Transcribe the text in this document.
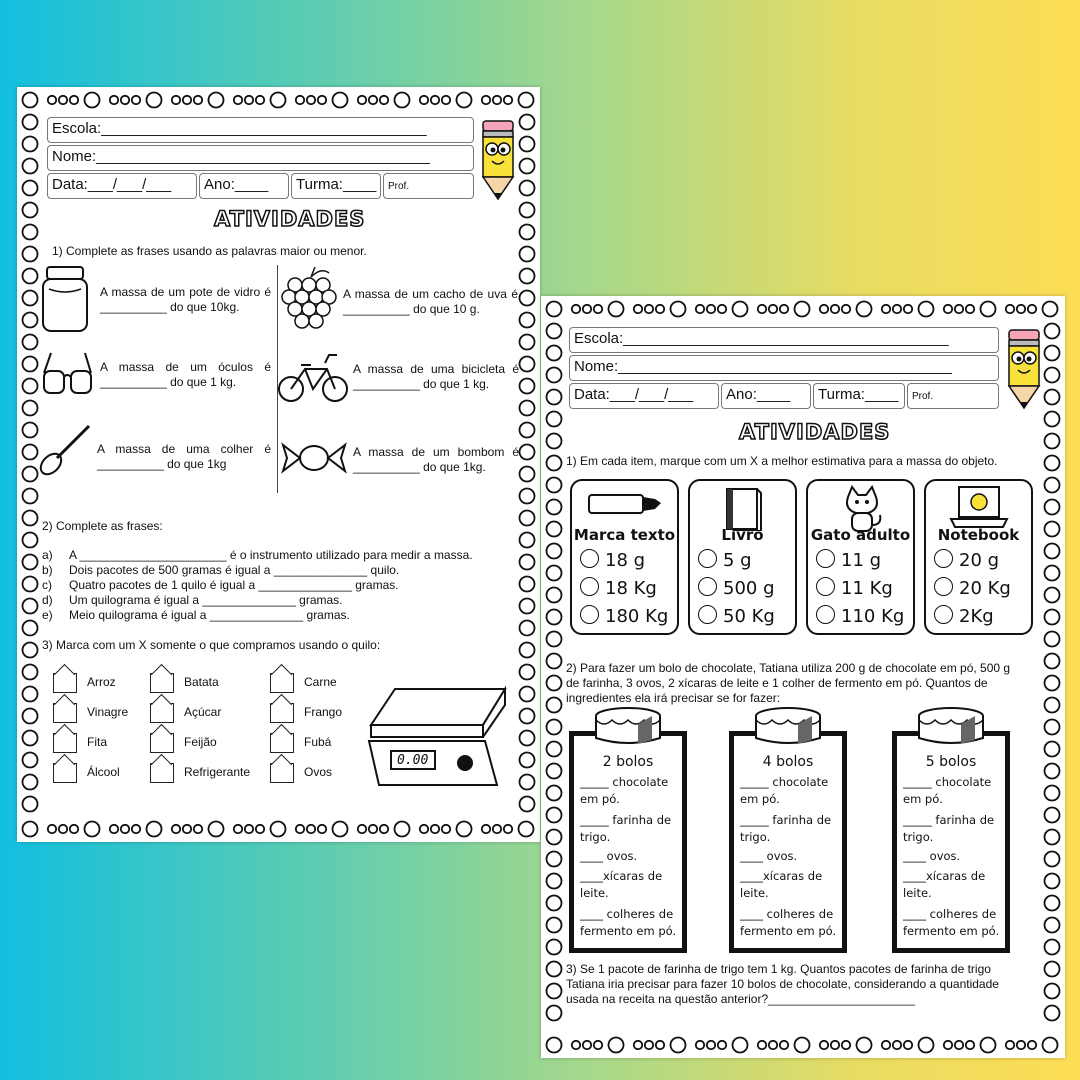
Escola:_______________________________________
Nome:________________________________________
Data:___/___/___	Ano:____	Turma:____	Prof.
ATIVIDADES
1) Complete as frases usando as palavras maior ou menor.
A massa de um pote de vidro é __________ do que 10kg.
A massa de um cacho de uva é __________ do que 10 g.
A massa de um óculos é __________ do que 1 kg.
A massa de uma bicicleta é __________ do que 1 kg.
A massa de uma colher é __________ do que 1kg
A massa de um bombom é __________ do que 1kg.
2) Complete as frases:
a) A ______________________ é o instrumento utilizado para medir a massa.
b) Dois pacotes de 500 gramas é igual a ______________ quilo.
c) Quatro pacotes de 1 quilo é igual a ______________ gramas.
d) Um quilograma é igual a ______________ gramas.
e) Meio quilograma é igual a ______________ gramas.
3) Marca com um X somente o que compramos usando o quilo:
Arroz	Batata	Carne
Vinagre	Açúcar	Frango
Fita	Feijão	Fubá
Álcool	Refrigerante	Ovos
0.00
Escola:_______________________________________
Nome:________________________________________
Data:___/___/___	Ano:____	Turma:____	Prof.
ATIVIDADES
1) Em cada item, marque com um X a melhor estimativa para a massa do objeto.
Marca texto
18 g
18 Kg
180 Kg
Livro
5 g
500 g
50 Kg
Gato adulto
11 g
11 Kg
110 Kg
Notebook
20 g
20 Kg
2Kg
2) Para fazer um bolo de chocolate, Tatiana utiliza 200 g de chocolate em pó, 500 g de farinha, 3 ovos, 2 xícaras de leite e 1 colher de fermento em pó. Quantos de ingredientes ela irá precisar se for fazer:
2 bolos
_____ chocolate em pó.
_____ farinha de trigo.
____ ovos.
____xícaras de leite.
____ colheres de fermento em pó.
4 bolos
_____ chocolate em pó.
_____ farinha de trigo.
____ ovos.
____xícaras de leite.
____ colheres de fermento em pó.
5 bolos
_____ chocolate em pó.
_____ farinha de trigo.
____ ovos.
____xícaras de leite.
____ colheres de fermento em pó.
3) Se 1 pacote de farinha de trigo tem 1 kg. Quantos pacotes de farinha de trigo Tatiana iria precisar para fazer 10 bolos de chocolate, considerando a quantidade usada na receita na questão anterior?______________________
